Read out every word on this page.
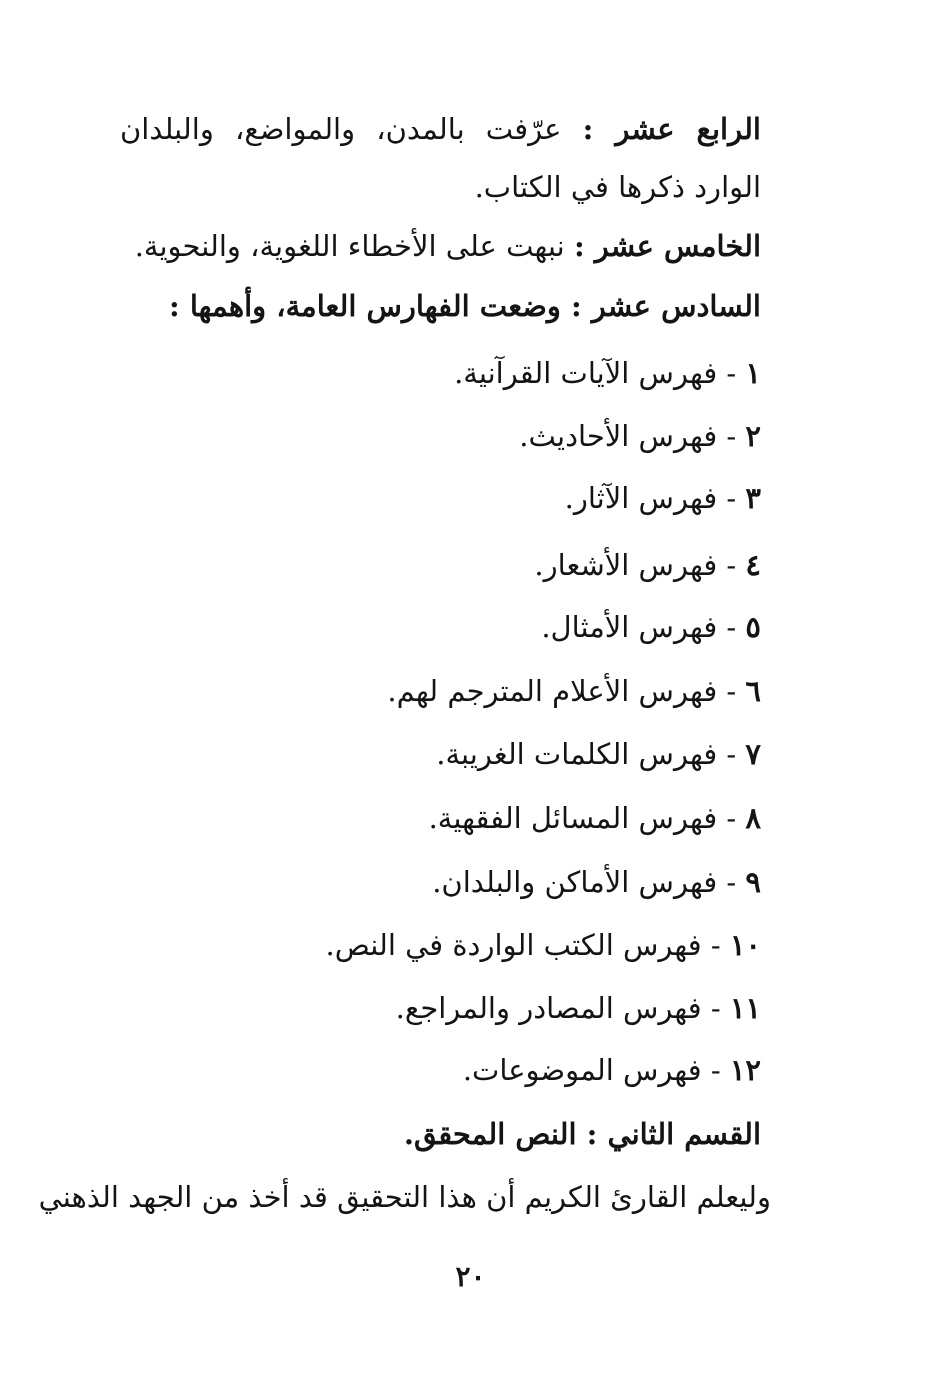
الرابع عشر : عرّفت بالمدن، والمواضع، والبلدان الوارد ذكرها في الكتاب.
الخامس عشر : نبهت على الأخطاء اللغوية، والنحوية.
السادس عشر : وضعت الفهارس العامة، وأهمها :
١ - فهرس الآيات القرآنية.
٢ - فهرس الأحاديث.
٣ - فهرس الآثار.
٤ - فهرس الأشعار.
٥ - فهرس الأمثال.
٦ - فهرس الأعلام المترجم لهم.
٧ - فهرس الكلمات الغريبة.
٨ - فهرس المسائل الفقهية.
٩ - فهرس الأماكن والبلدان.
١٠ - فهرس الكتب الواردة في النص.
١١ - فهرس المصادر والمراجع.
١٢ - فهرس الموضوعات.
القسم الثاني : النص المحقق.
وليعلم القارئ الكريم أن هذا التحقيق قد أخذ من الجهد الذهني
٢٠
